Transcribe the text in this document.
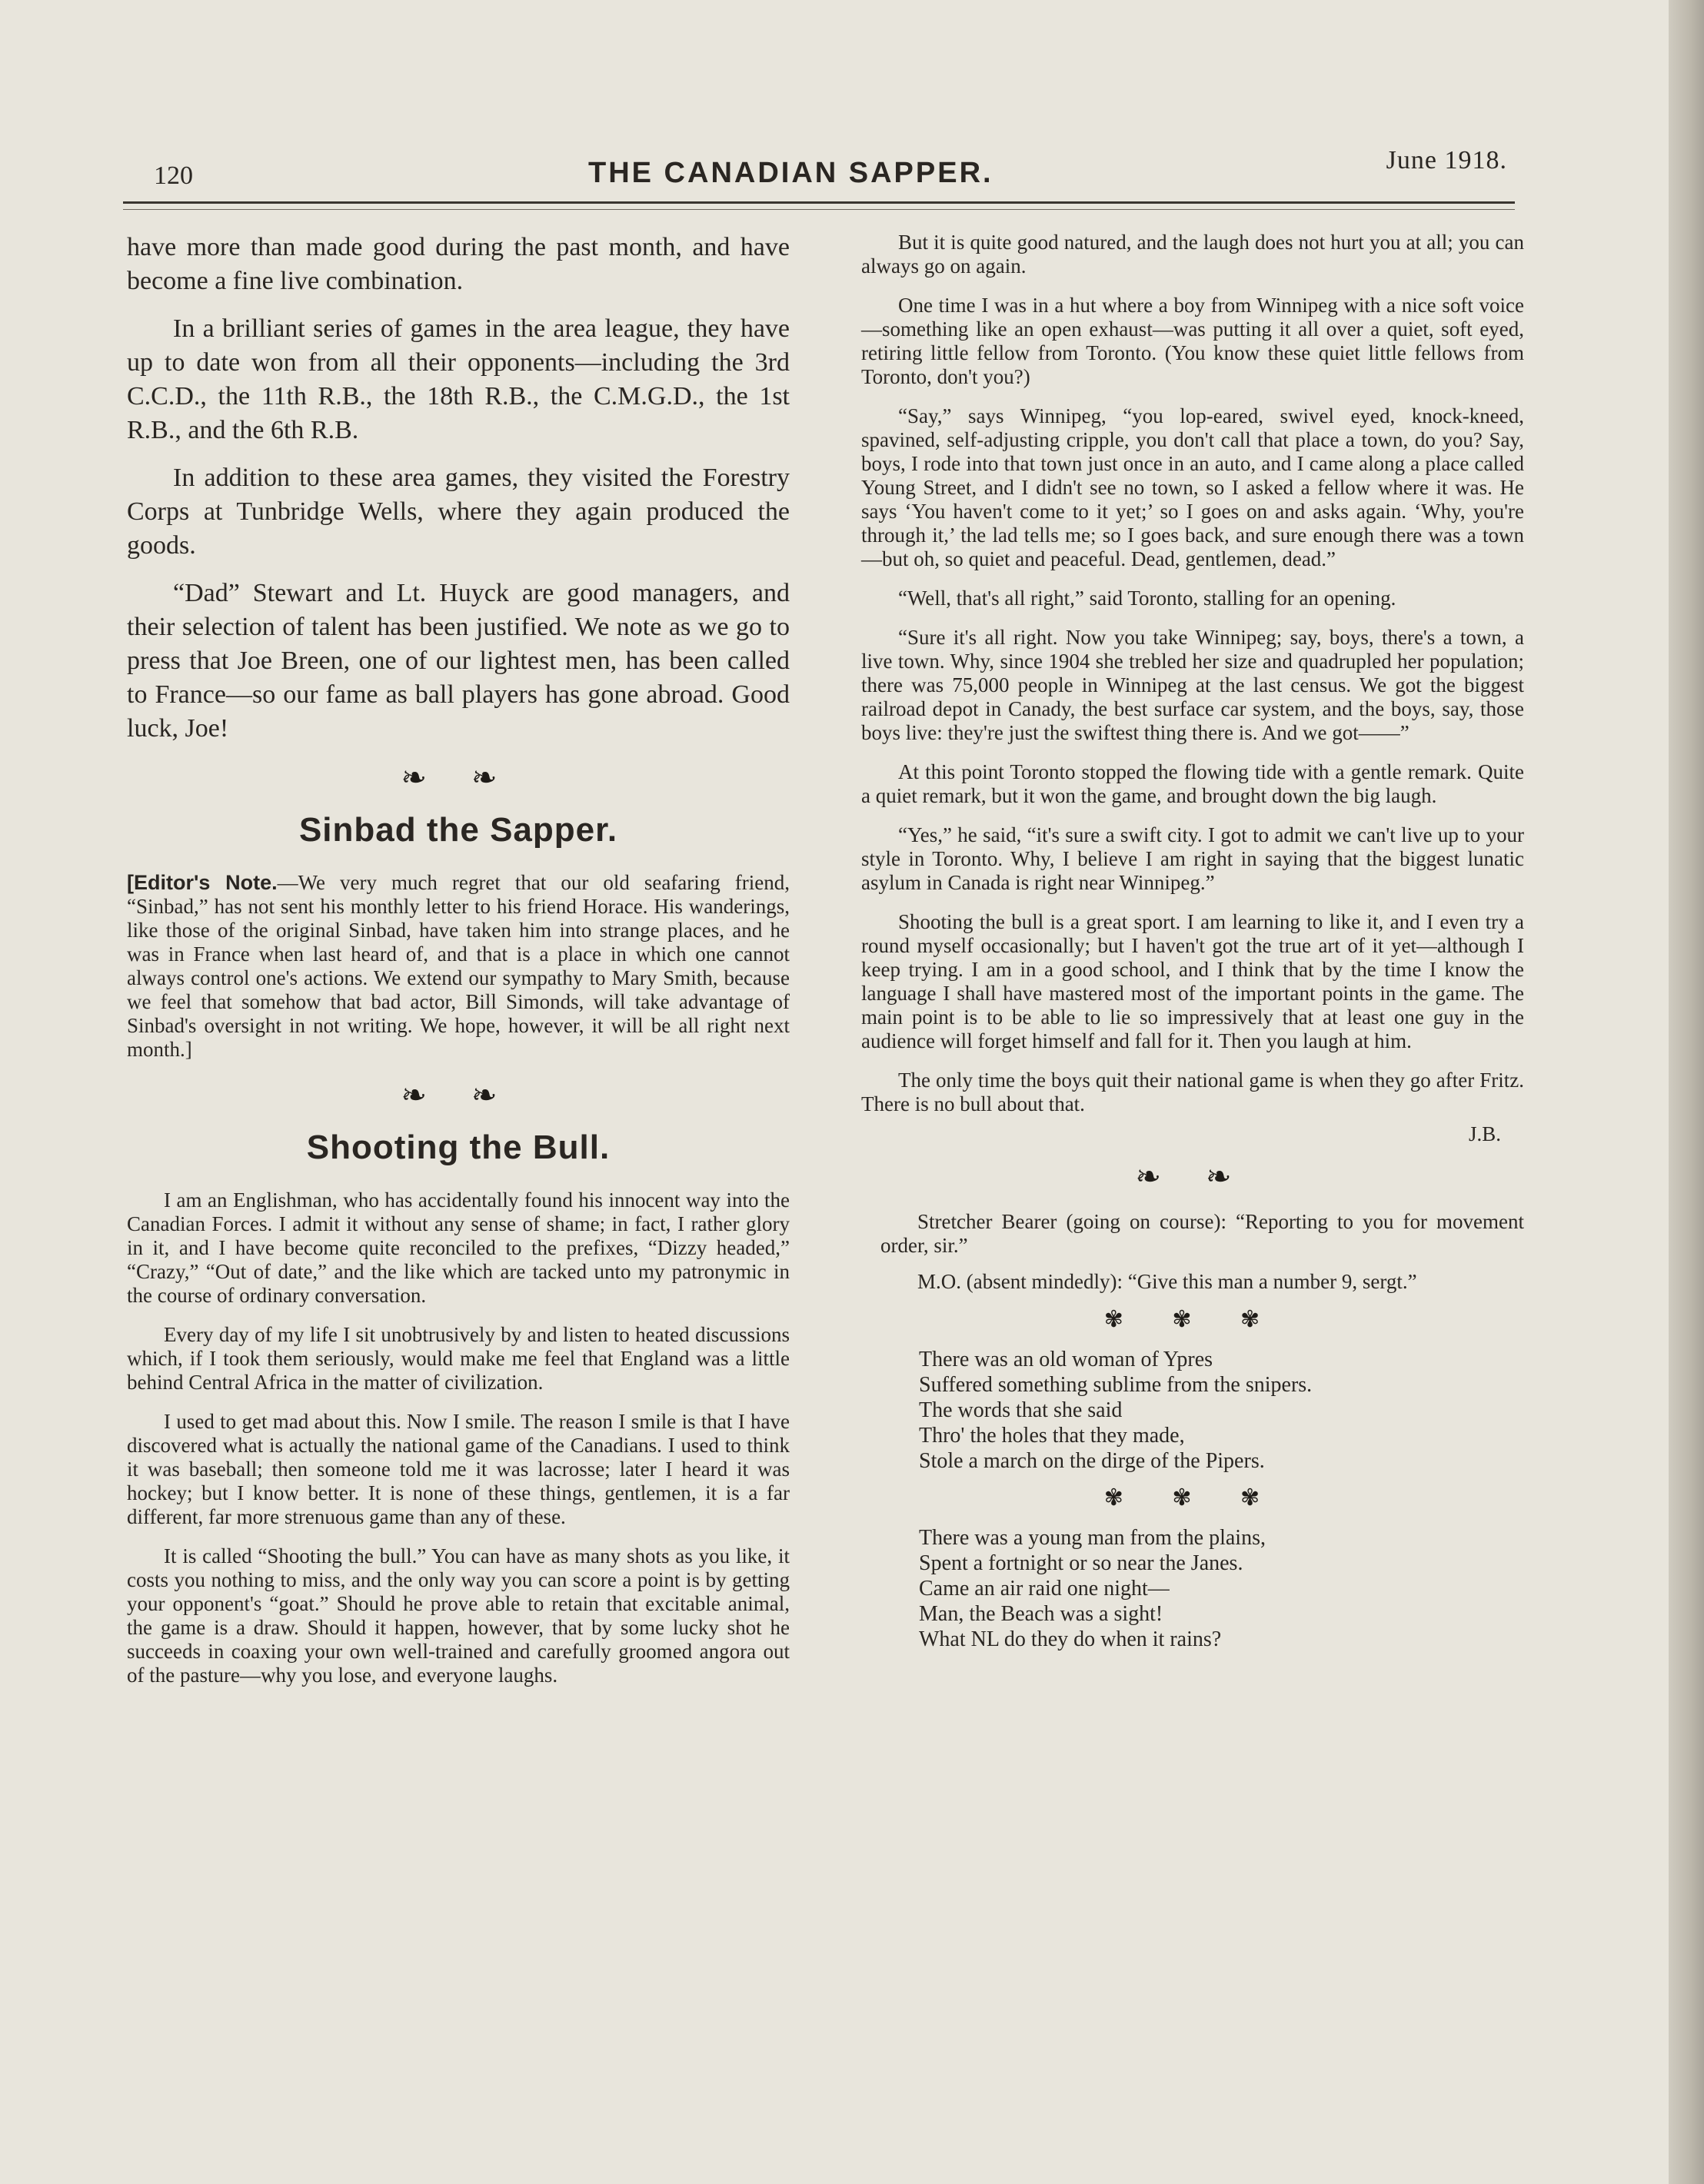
120	THE CANADIAN SAPPER.	June 1918.

have more than made good during the past month, and have become a fine live combination.

In a brilliant series of games in the area league, they have up to date won from all their opponents—including the 3rd C.C.D., the 11th R.B., the 18th R.B., the C.M.G.D., the 1st R.B., and the 6th R.B.

In addition to these area games, they visited the Forestry Corps at Tunbridge Wells, where they again produced the goods.

“Dad” Stewart and Lt. Huyck are good managers, and their selection of talent has been justified. We note as we go to press that Joe Breen, one of our lightest men, has been called to France—so our fame as ball players has gone abroad. Good luck, Joe!

❧ ❧
Sinbad the Sapper.

[Editor's Note.—We very much regret that our old seafaring friend, “Sinbad,” has not sent his monthly letter to his friend Horace. His wanderings, like those of the original Sinbad, have taken him into strange places, and he was in France when last heard of, and that is a place in which one cannot always control one's actions. We extend our sympathy to Mary Smith, because we feel that somehow that bad actor, Bill Simonds, will take advantage of Sinbad's oversight in not writing. We hope, however, it will be all right next month.]

❧ ❧
Shooting the Bull.

I am an Englishman, who has accidentally found his innocent way into the Canadian Forces. I admit it without any sense of shame; in fact, I rather glory in it, and I have become quite reconciled to the prefixes, “Dizzy headed,” “Crazy,” “Out of date,” and the like which are tacked unto my patronymic in the course of ordinary conversation.

Every day of my life I sit unobtrusively by and listen to heated discussions which, if I took them seriously, would make me feel that England was a little behind Central Africa in the matter of civilization.

I used to get mad about this. Now I smile. The reason I smile is that I have discovered what is actually the national game of the Canadians. I used to think it was baseball; then someone told me it was lacrosse; later I heard it was hockey; but I know better. It is none of these things, gentlemen, it is a far different, far more strenuous game than any of these.

It is called “Shooting the bull.” You can have as many shots as you like, it costs you nothing to miss, and the only way you can score a point is by getting your opponent's “goat.” Should he prove able to retain that excitable animal, the game is a draw. Should it happen, however, that by some lucky shot he succeeds in coaxing your own well-trained and carefully groomed angora out of the pasture—why you lose, and everyone laughs.

But it is quite good natured, and the laugh does not hurt you at all; you can always go on again.

One time I was in a hut where a boy from Winnipeg with a nice soft voice—something like an open exhaust—was putting it all over a quiet, soft eyed, retiring little fellow from Toronto. (You know these quiet little fellows from Toronto, don't you?)

“Say,” says Winnipeg, “you lop-eared, swivel eyed, knock-kneed, spavined, self-adjusting cripple, you don't call that place a town, do you? Say, boys, I rode into that town just once in an auto, and I came along a place called Young Street, and I didn't see no town, so I asked a fellow where it was. He says ‘You haven't come to it yet;’ so I goes on and asks again. ‘Why, you're through it,’ the lad tells me; so I goes back, and sure enough there was a town—but oh, so quiet and peaceful. Dead, gentlemen, dead.”

“Well, that's all right,” said Toronto, stalling for an opening.

“Sure it's all right. Now you take Winnipeg; say, boys, there's a town, a live town. Why, since 1904 she trebled her size and quadrupled her population; there was 75,000 people in Winnipeg at the last census. We got the biggest railroad depot in Canady, the best surface car system, and the boys, say, those boys live: they're just the swiftest thing there is. And we got——”

At this point Toronto stopped the flowing tide with a gentle remark. Quite a quiet remark, but it won the game, and brought down the big laugh.

“Yes,” he said, “it's sure a swift city. I got to admit we can't live up to your style in Toronto. Why, I believe I am right in saying that the biggest lunatic asylum in Canada is right near Winnipeg.”

Shooting the bull is a great sport. I am learning to like it, and I even try a round myself occasionally; but I haven't got the true art of it yet—although I keep trying. I am in a good school, and I think that by the time I know the language I shall have mastered most of the important points in the game. The main point is to be able to lie so impressively that at least one guy in the audience will forget himself and fall for it. Then you laugh at him.

The only time the boys quit their national game is when they go after Fritz. There is no bull about that.

J.B.
❧ ❧

Stretcher Bearer (going on course): “Reporting to you for movement order, sir.”

M.O. (absent mindedly): “Give this man a number 9, sergt.”

✾ ✾ ✾
There was an old woman of Ypres
Suffered something sublime from the snipers.
The words that she said
Thro' the holes that they made,
Stole a march on the dirge of the Pipers.
✾ ✾ ✾
There was a young man from the plains,
Spent a fortnight or so near the Janes.
Came an air raid one night—
Man, the Beach was a sight!
What NL do they do when it rains?
